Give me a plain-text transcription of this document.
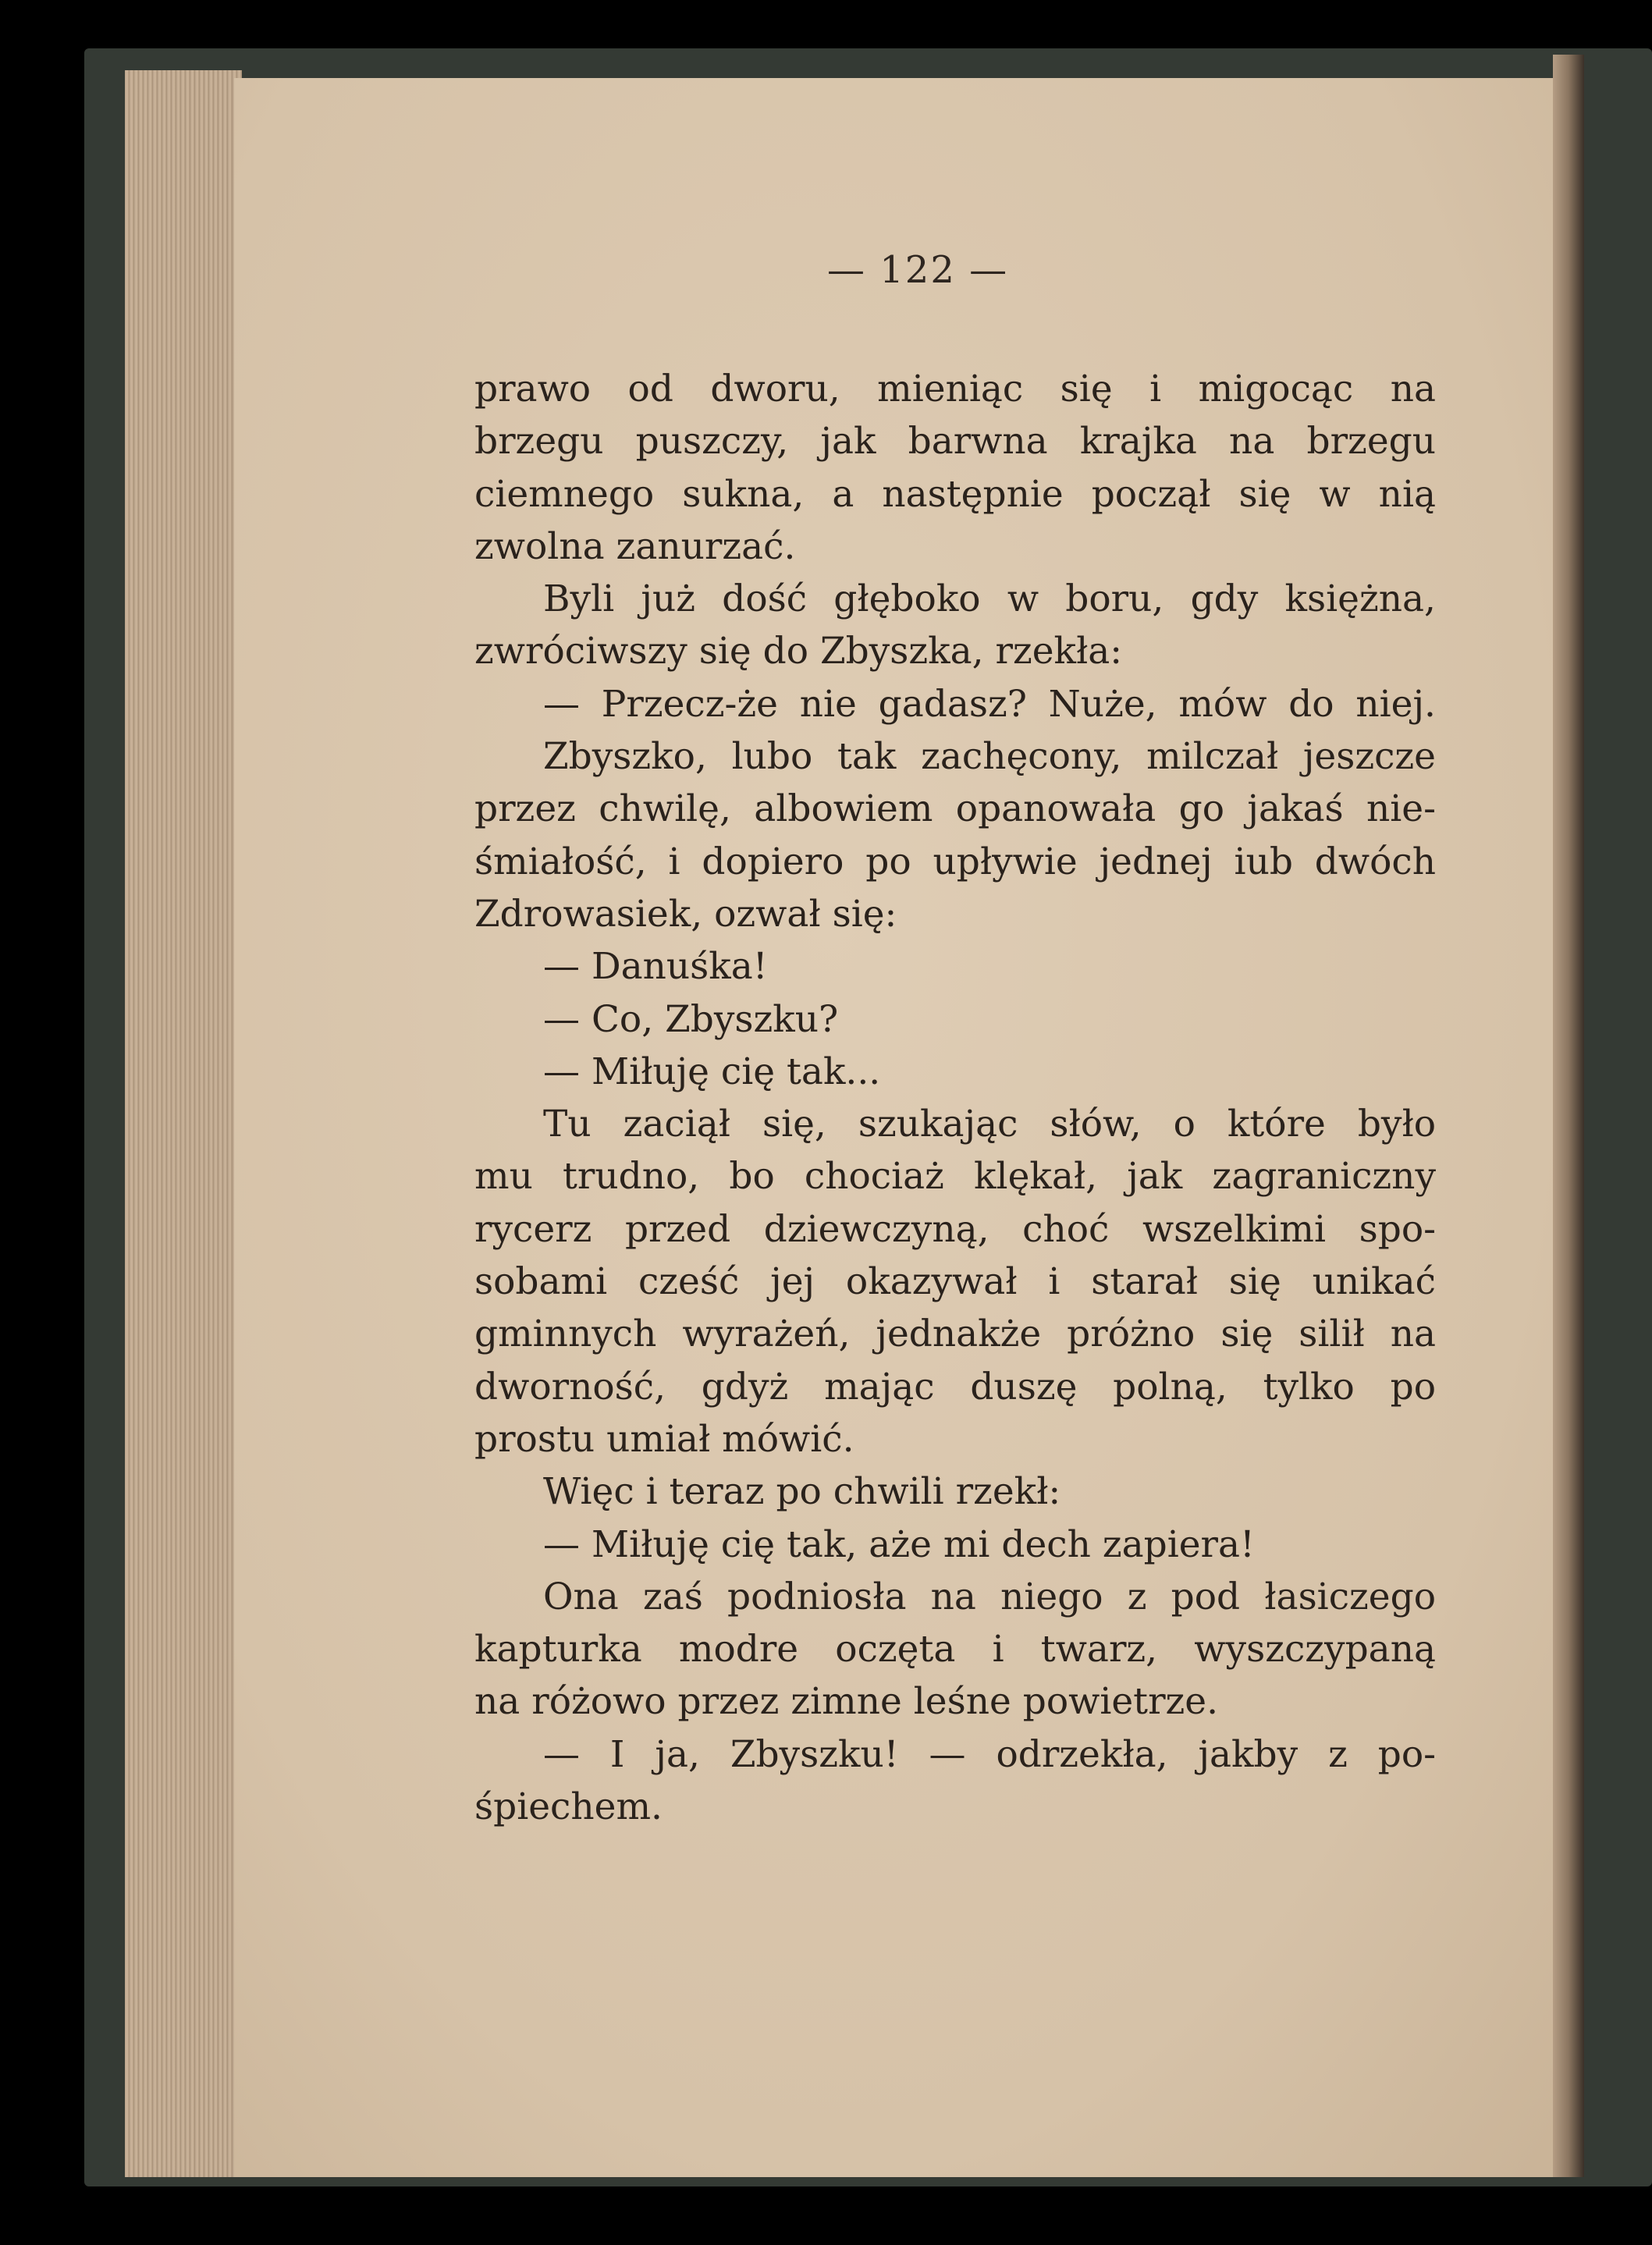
— 122 —
prawo od dworu, mieniąc się i migocąc na
brzegu puszczy, jak barwna krajka na brzegu
ciemnego sukna, a następnie począł się w nią
zwolna zanurzać.
Byli już dość głęboko w boru, gdy księżna,
zwróciwszy się do Zbyszka, rzekła:
— Przecz-że nie gadasz? Nuże, mów do niej.
Zbyszko, lubo tak zachęcony, milczał jeszcze
przez chwilę, albowiem opanowała go jakaś nie-
śmiałość, i dopiero po upływie jednej iub dwóch
Zdrowasiek, ozwał się:
— Danuśka!
— Co, Zbyszku?
— Miłuję cię tak...
Tu zaciął się, szukając słów, o które było
mu trudno, bo chociaż klękał, jak zagraniczny
rycerz przed dziewczyną, choć wszelkimi spo-
sobami cześć jej okazywał i starał się unikać
gminnych wyrażeń, jednakże próżno się silił na
dworność, gdyż mając duszę polną, tylko po
prostu umiał mówić.
Więc i teraz po chwili rzekł:
— Miłuję cię tak, aże mi dech zapiera!
Ona zaś podniosła na niego z pod łasiczego
kapturka modre oczęta i twarz, wyszczypaną
na różowo przez zimne leśne powietrze.
— I ja, Zbyszku! — odrzekła, jakby z po-
śpiechem.
